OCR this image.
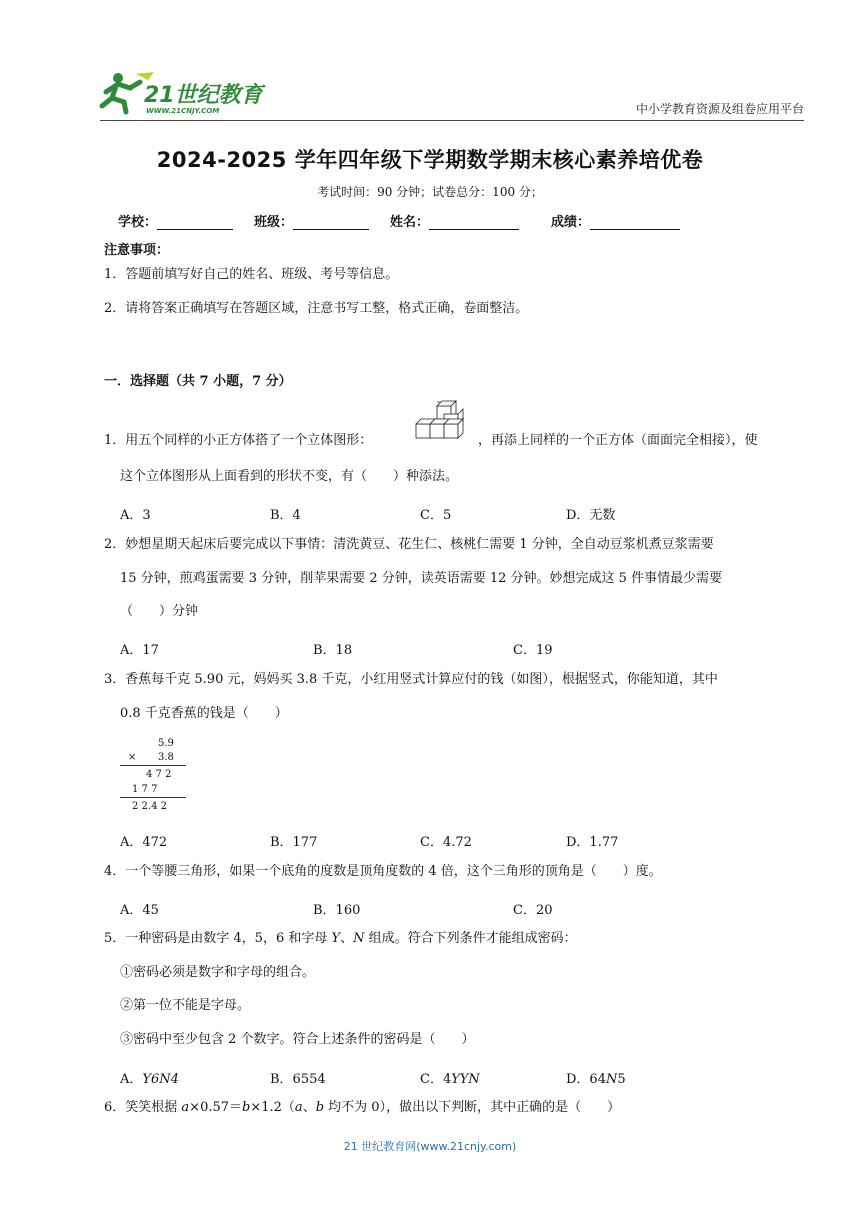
21世纪教育
WWW.21CNJY.COM	中小学教育资源及组卷应用平台
2024-2025 学年四年级下学期数学期末核心素养培优卷
考试时间：90 分钟；试卷总分：100 分；
学校：	班级：	姓名：	成绩：
注意事项：
1．答题前填写好自己的姓名、班级、考号等信息。
2．请将答案正确填写在答题区域，注意书写工整，格式正确，卷面整洁。
一．选择题（共 7 小题，7 分）
1．用五个同样的小正方体搭了一个立体图形：	，再添上同样的一个正方体（面面完全相接），使
这个立体图形从上面看到的形状不变，有（　　）种添法。
A．3	B．4	C．5	D．无数
2．妙想星期天起床后要完成以下事情：清洗黄豆、花生仁、核桃仁需要 1 分钟，全自动豆浆机煮豆浆需要
15 分钟，煎鸡蛋需要 3 分钟，削苹果需要 2 分钟，读英语需要 12 分钟。妙想完成这 5 件事情最少需要
（　　）分钟
A．17	B．18	C．19
3．香蕉每千克 5.90 元，妈妈买 3.8 千克，小红用竖式计算应付的钱（如图），根据竖式，你能知道，其中
0.8 千克香蕉的钱是（　　）
5.9
× 3.8
4 7 2
1 7 7
2 2.4 2
A．472	B．177	C．4.72	D．1.77
4．一个等腰三角形，如果一个底角的度数是顶角度数的 4 倍，这个三角形的顶角是（　　）度。
A．45	B．160	C．20
5．一种密码是由数字 4，5，6 和字母 Y、N 组成。符合下列条件才能组成密码：
①密码必须是数字和字母的组合。
②第一位不能是字母。
③密码中至少包含 2 个数字。符合上述条件的密码是（　　）
A．Y6N4	B．6554	C．4YYN	D．64N5
6．笑笑根据 a×0.57＝b×1.2（a、b 均不为 0），做出以下判断，其中正确的是（　　）
21 世纪教育网(www.21cnjy.com)
